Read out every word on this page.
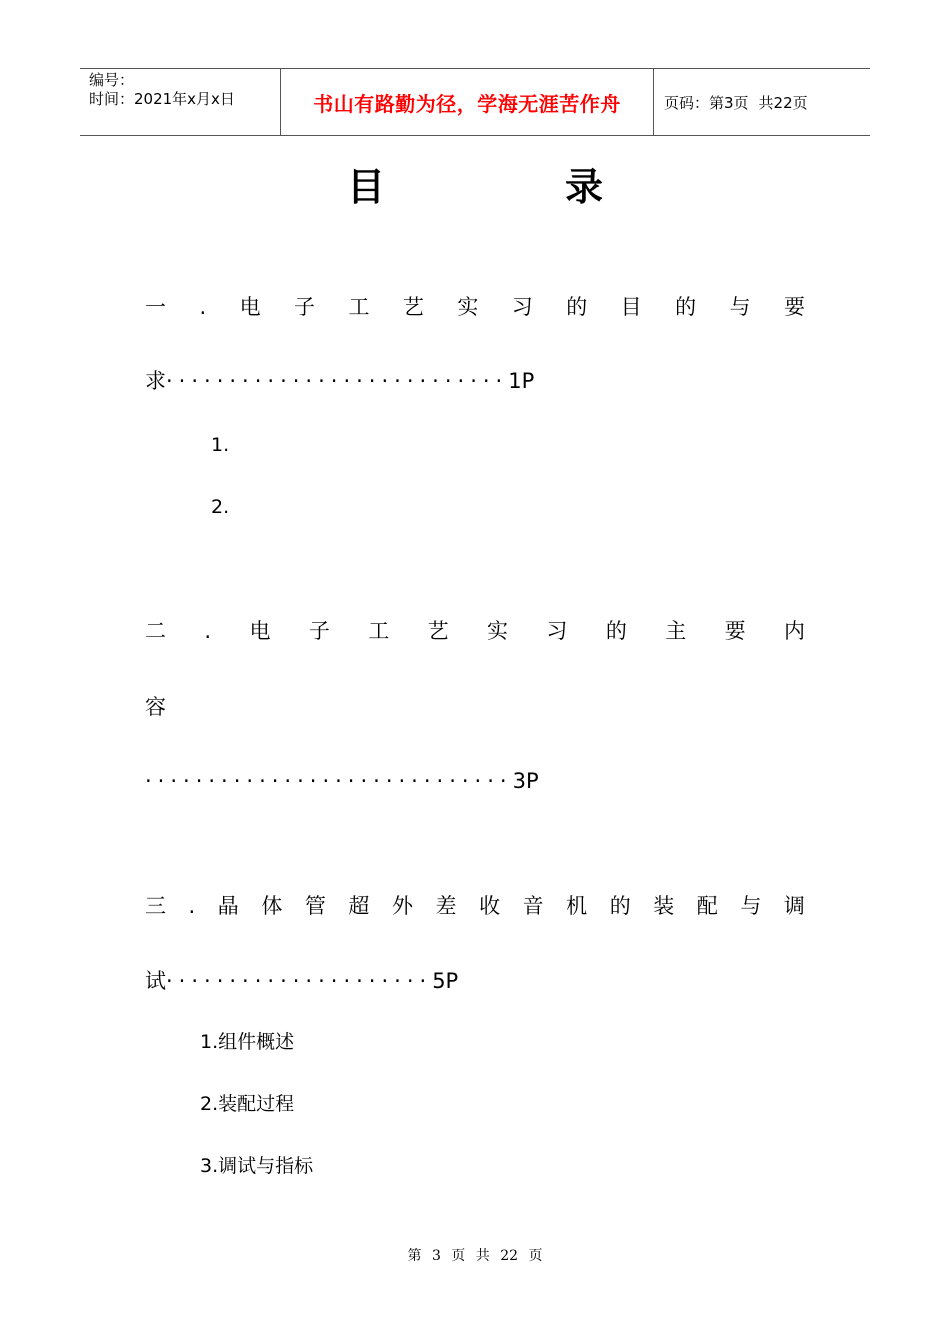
编号：
时间：2021年x月x日	书山有路勤为径，学海无涯苦作舟	页码：第3页 共22页
目	录
一 . 电 子 工 艺 实 习 的 目 的 与 要
求···························1P
1.
2.
二 . 电 子 工 艺 实 习 的 主 要 内
容
·····························3P
三 . 晶 体 管 超 外 差 收 音 机 的 装 配 与 调
试·····················5P
1.组件概述
2.装配过程
3.调试与指标
第 3 页 共 22 页
